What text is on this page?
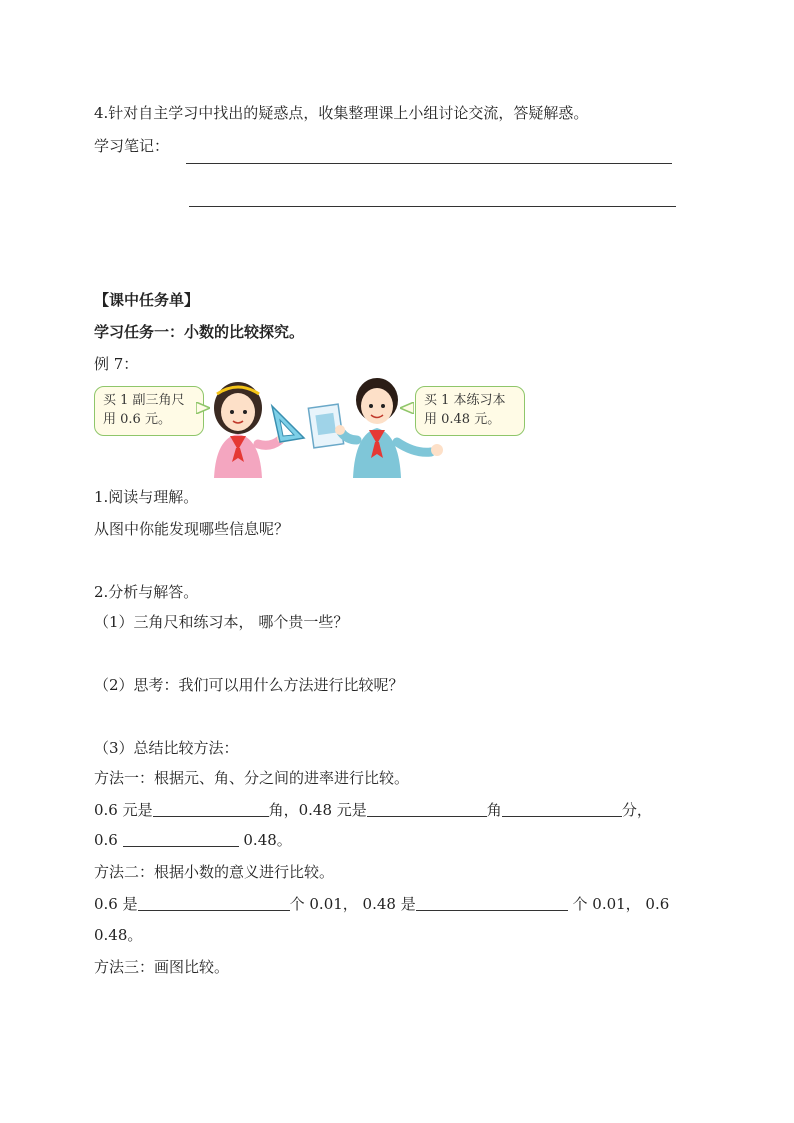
4.针对自主学习中找出的疑惑点，收集整理课上小组讨论交流，答疑解惑。
学习笔记：
【课中任务单】
学习任务一：小数的比较探究。
例 7：
买 1 副三角尺
用 0.6 元。
买 1 本练习本
用 0.48 元。
1.阅读与理解。
从图中你能发现哪些信息呢？
2.分析与解答。
（1）三角尺和练习本， 哪个贵一些？
（2）思考：我们可以用什么方法进行比较呢？
（3）总结比较方法：
方法一：根据元、角、分之间的进率进行比较。
0.6 元是	角，0.48 元是	角	分，
0.6	0.48。
方法二：根据小数的意义进行比较。
0.6 是	个 0.01， 0.48 是	个 0.01， 0.6
0.48。
方法三：画图比较。
